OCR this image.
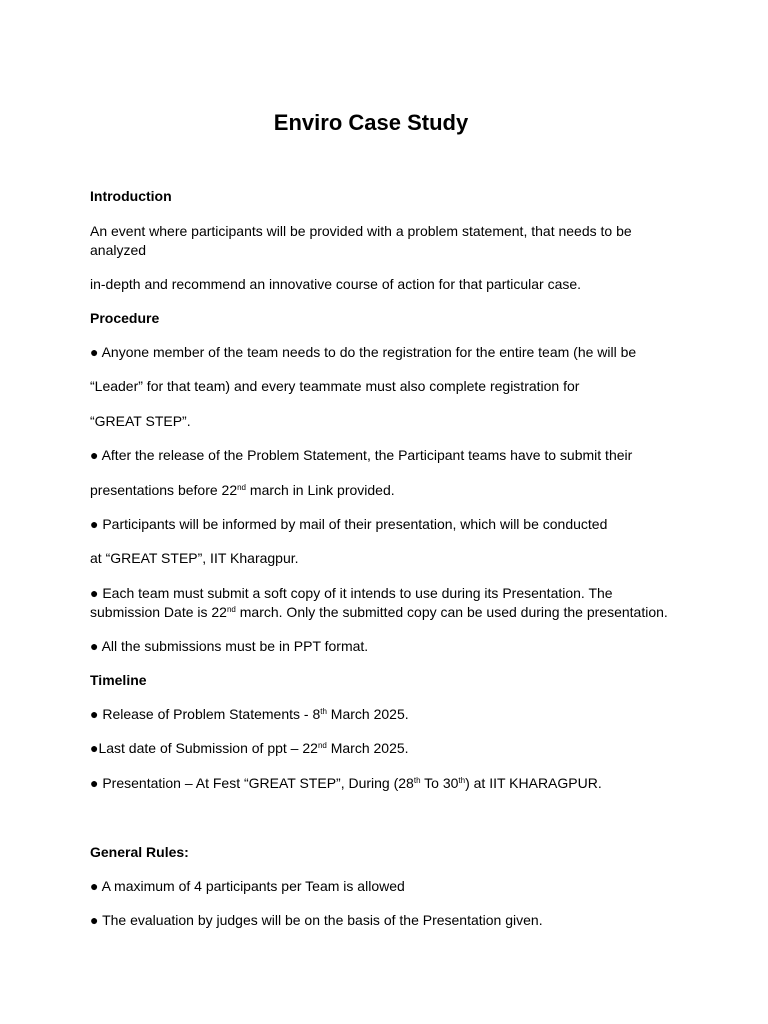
Enviro Case Study

Introduction

An event where participants will be provided with a problem statement, that needs to be analyzed

in-depth and recommend an innovative course of action for that particular case.

Procedure

● Anyone member of the team needs to do the registration for the entire team (he will be

“Leader” for that team) and every teammate must also complete registration for

“GREAT STEP”.

● After the release of the Problem Statement, the Participant teams have to submit their

presentations before 22nd march in Link provided.

● Participants will be informed by mail of their presentation, which will be conducted

at “GREAT STEP”, IIT Kharagpur.

● Each team must submit a soft copy of it intends to use during its Presentation. The

submission Date is 22nd march. Only the submitted copy can be used during the presentation.

● All the submissions must be in PPT format.

Timeline

● Release of Problem Statements - 8th March 2025.

●Last date of Submission of ppt – 22nd March 2025.

● Presentation – At Fest “GREAT STEP”, During (28th To 30th) at IIT KHARAGPUR.

General Rules:

● A maximum of 4 participants per Team is allowed

● The evaluation by judges will be on the basis of the Presentation given.
